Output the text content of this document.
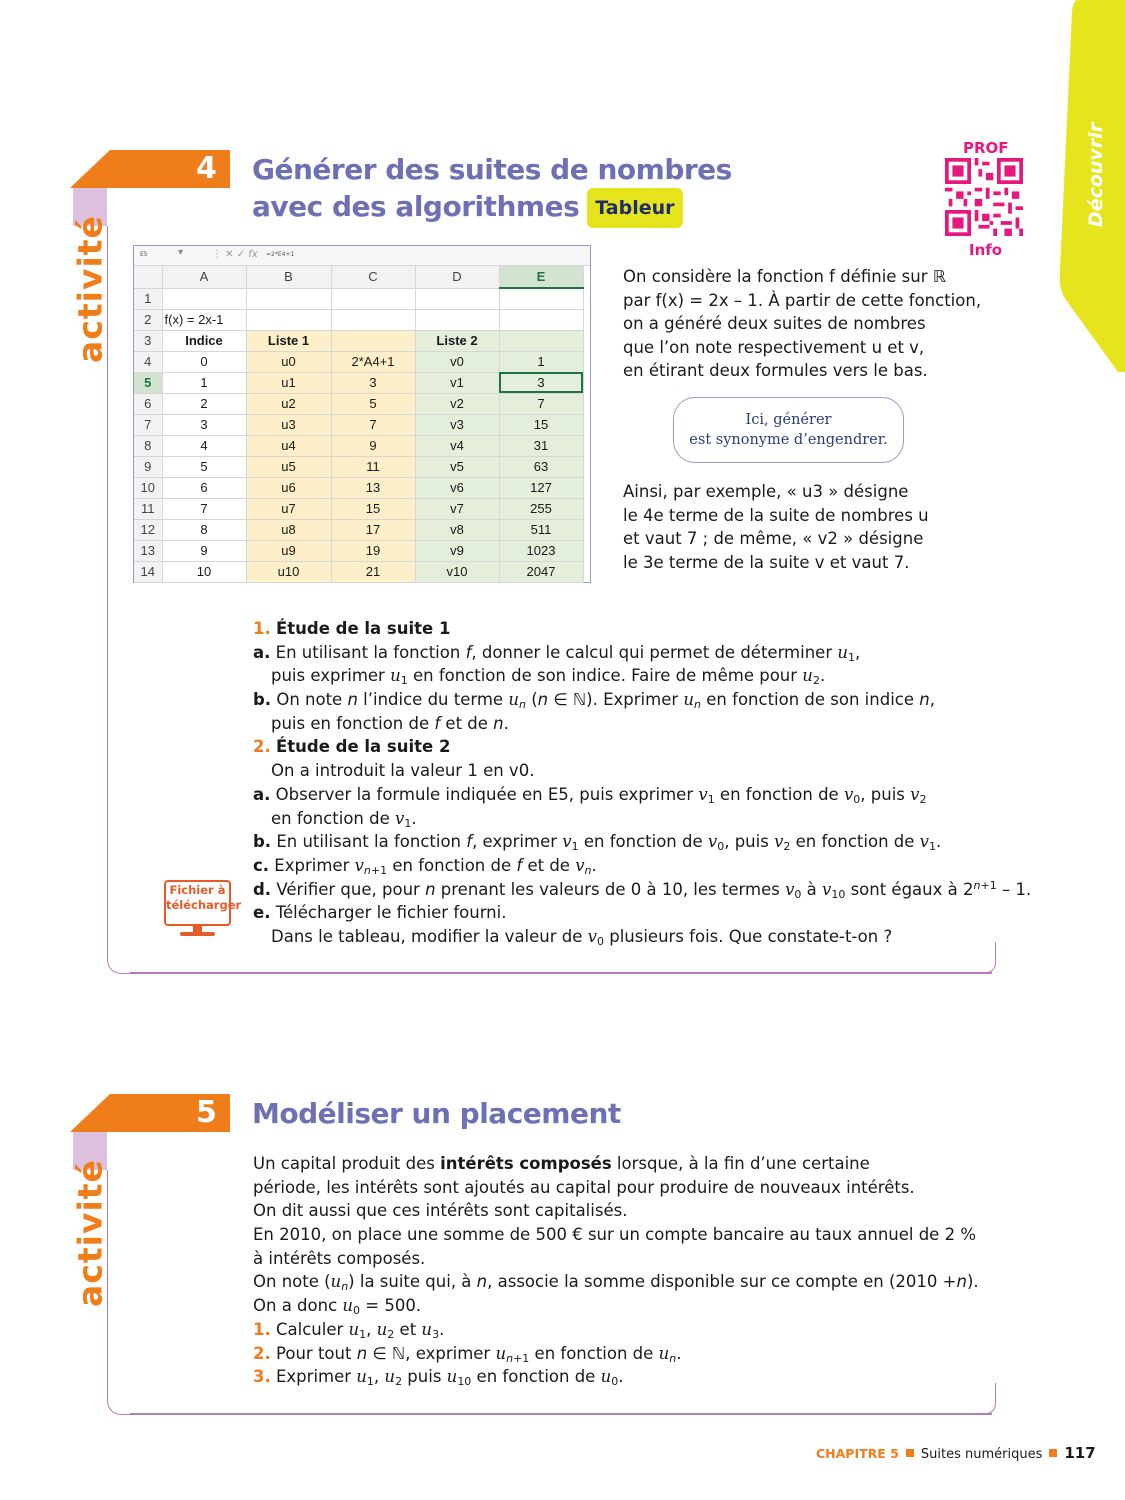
Découvrir
4
activité
Générer des suites de nombres
avec des algorithmes Tableur
PROF
Info
E5	▾	⋮ ✕ ✓ fx =2*E4+1
	A	B	C	D	E
1					
2	f(x) = 2x-1				
3	Indice	Liste 1		Liste 2	
4	0	u0	2*A4+1	v0	1
5	1	u1	3	v1	3
6	2	u2	5	v2	7
7	3	u3	7	v3	15
8	4	u4	9	v4	31
9	5	u5	11	v5	63
10	6	u6	13	v6	127
11	7	u7	15	v7	255
12	8	u8	17	v8	511
13	9	u9	19	v9	1023
14	10	u10	21	v10	2047
On considère la fonction f définie sur ℝ
par f(x) = 2x – 1. À partir de cette fonction,
on a généré deux suites de nombres
que l’on note respectivement u et v,
en étirant deux formules vers le bas.
Ici, générer
est synonyme d’engendrer.
Ainsi, par exemple, « u3 » désigne
le 4e terme de la suite de nombres u
et vaut 7 ; de même, « v2 » désigne
le 3e terme de la suite v et vaut 7.
1. Étude de la suite 1
a. En utilisant la fonction f, donner le calcul qui permet de déterminer $u_1$,
puis exprimer $u_1$ en fonction de son indice. Faire de même pour $u_2$.
b. On note n l’indice du terme $u_n$ (n ∈ ℕ). Exprimer $u_n$ en fonction de son indice n,
puis en fonction de f et de n.
2. Étude de la suite 2
On a introduit la valeur 1 en v0.
a. Observer la formule indiquée en E5, puis exprimer $v_1$ en fonction de $v_0$, puis $v_2$
en fonction de $v_1$.
b. En utilisant la fonction f, exprimer $v_1$ en fonction de $v_0$, puis $v_2$ en fonction de $v_1$.
c. Exprimer $v_{n+1}$ en fonction de f et de $v_n$.
d. Vérifier que, pour n prenant les valeurs de 0 à 10, les termes $v_0$ à $v_{10}$ sont égaux à $2^{n+1} - 1$.
e. Télécharger le fichier fourni.
Dans le tableau, modifier la valeur de $v_0$ plusieurs fois. Que constate-t-on ?
Fichier à
télécharger
5
activité
Modéliser un placement
Un capital produit des intérêts composés lorsque, à la fin d’une certaine
période, les intérêts sont ajoutés au capital pour produire de nouveaux intérêts.
On dit aussi que ces intérêts sont capitalisés.
En 2010, on place une somme de 500 € sur un compte bancaire au taux annuel de 2 %
à intérêts composés.
On note $(u_n)$ la suite qui, à n, associe la somme disponible sur ce compte en (2010 +n).
On a donc $u_0 = 500$.
1. Calculer $u_1$, $u_2$ et $u_3$.
2. Pour tout n ∈ ℕ, exprimer $u_{n+1}$ en fonction de $u_n$.
3. Exprimer $u_1$, $u_2$ puis $u_{10}$ en fonction de $u_0$.
CHAPITRE 5 Suites numériques 117
